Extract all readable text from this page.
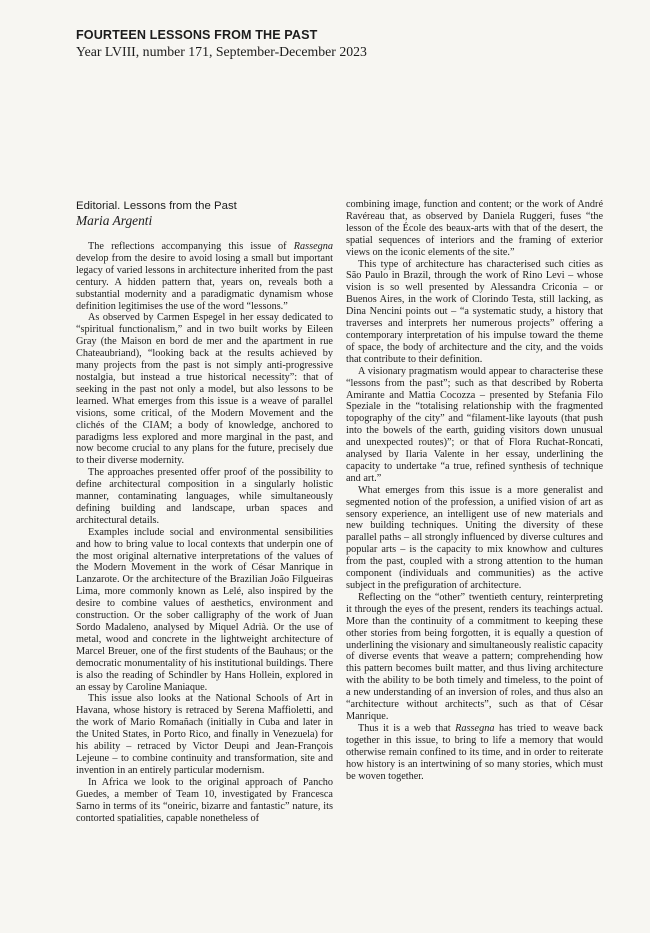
FOURTEEN LESSONS FROM THE PAST
Year LVIII, number 171, September-December 2023
Editorial. Lessons from the Past
Maria Argenti

The reflections accompanying this issue of Rassegna develop from the desire to avoid losing a small but important legacy of varied lessons in architecture inherited from the past century. A hidden pattern that, years on, reveals both a substantial modernity and a paradigmatic dynamism whose definition legitimises the use of the word “lessons.”

As observed by Carmen Espegel in her essay dedicated to “spiritual functionalism,” and in two built works by Eileen Gray (the Maison en bord de mer and the apartment in rue Chateaubriand), “looking back at the results achieved by many projects from the past is not simply anti-progressive nostalgia, but instead a true historical necessity”: that of seeking in the past not only a model, but also lessons to be learned. What emerges from this issue is a weave of parallel visions, some critical, of the Modern Movement and the clichés of the CIAM; a body of knowledge, anchored to paradigms less explored and more marginal in the past, and now become crucial to any plans for the future, precisely due to their diverse modernity.

The approaches presented offer proof of the possibility to define architectural composition in a singularly holistic manner, contaminating languages, while simultaneously defining building and landscape, urban spaces and architectural details.

Examples include social and environmental sensibilities and how to bring value to local contexts that underpin one of the most original alternative interpretations of the values of the Modern Movement in the work of César Manrique in Lanzarote. Or the architecture of the Brazilian João Filgueiras Lima, more commonly known as Lelé, also inspired by the desire to combine values of aesthetics, environment and construction. Or the sober calligraphy of the work of Juan Sordo Madaleno, analysed by Miquel Adrià. Or the use of metal, wood and concrete in the lightweight architecture of Marcel Breuer, one of the first students of the Bauhaus; or the democratic monumentality of his institutional buildings. There is also the reading of Schindler by Hans Hollein, explored in an essay by Caroline Maniaque.

This issue also looks at the National Schools of Art in Havana, whose history is retraced by Serena Maffioletti, and the work of Mario Romañach (initially in Cuba and later in the United States, in Porto Rico, and finally in Venezuela) for his ability – retraced by Victor Deupi and Jean-François Lejeune – to combine continuity and transformation, site and invention in an entirely particular modernism.

In Africa we look to the original approach of Pancho Guedes, a member of Team 10, investigated by Francesca Sarno in terms of its “oneiric, bizarre and fantastic” nature, its contorted spatialities, capable nonetheless of

combining image, function and content; or the work of André Ravéreau that, as observed by Daniela Ruggeri, fuses “the lesson of the École des beaux-arts with that of the desert, the spatial sequences of interiors and the framing of exterior views on the iconic elements of the site.”

This type of architecture has characterised such cities as São Paulo in Brazil, through the work of Rino Levi – whose vision is so well presented by Alessandra Criconia – or Buenos Aires, in the work of Clorindo Testa, still lacking, as Dina Nencini points out – “a systematic study, a history that traverses and interprets her numerous projects” offering a contemporary interpretation of his impulse toward the theme of space, the body of architecture and the city, and the voids that contribute to their definition.

A visionary pragmatism would appear to characterise these “lessons from the past”; such as that described by Roberta Amirante and Mattia Cocozza – presented by Stefania Filo Speziale in the “totalising relationship with the fragmented topography of the city” and “filament-like layouts (that push into the bowels of the earth, guiding visitors down unusual and unexpected routes)”; or that of Flora Ruchat-Roncati, analysed by Ilaria Valente in her essay, underlining the capacity to undertake “a true, refined synthesis of technique and art.”

What emerges from this issue is a more generalist and segmented notion of the profession, a unified vision of art as sensory experience, an intelligent use of new materials and new building techniques. Uniting the diversity of these parallel paths – all strongly influenced by diverse cultures and popular arts – is the capacity to mix knowhow and cultures from the past, coupled with a strong attention to the human component (individuals and communities) as the active subject in the prefiguration of architecture.

Reflecting on the “other” twentieth century, reinterpreting it through the eyes of the present, renders its teachings actual. More than the continuity of a commitment to keeping these other stories from being forgotten, it is equally a question of underlining the visionary and simultaneously realistic capacity of diverse events that weave a pattern; comprehending how this pattern becomes built matter, and thus living architecture with the ability to be both timely and timeless, to the point of a new understanding of an inversion of roles, and thus also an “architecture without architects”, such as that of César Manrique.

Thus it is a web that Rassegna has tried to weave back together in this issue, to bring to life a memory that would otherwise remain confined to its time, and in order to reiterate how history is an intertwining of so many stories, which must be woven together.
